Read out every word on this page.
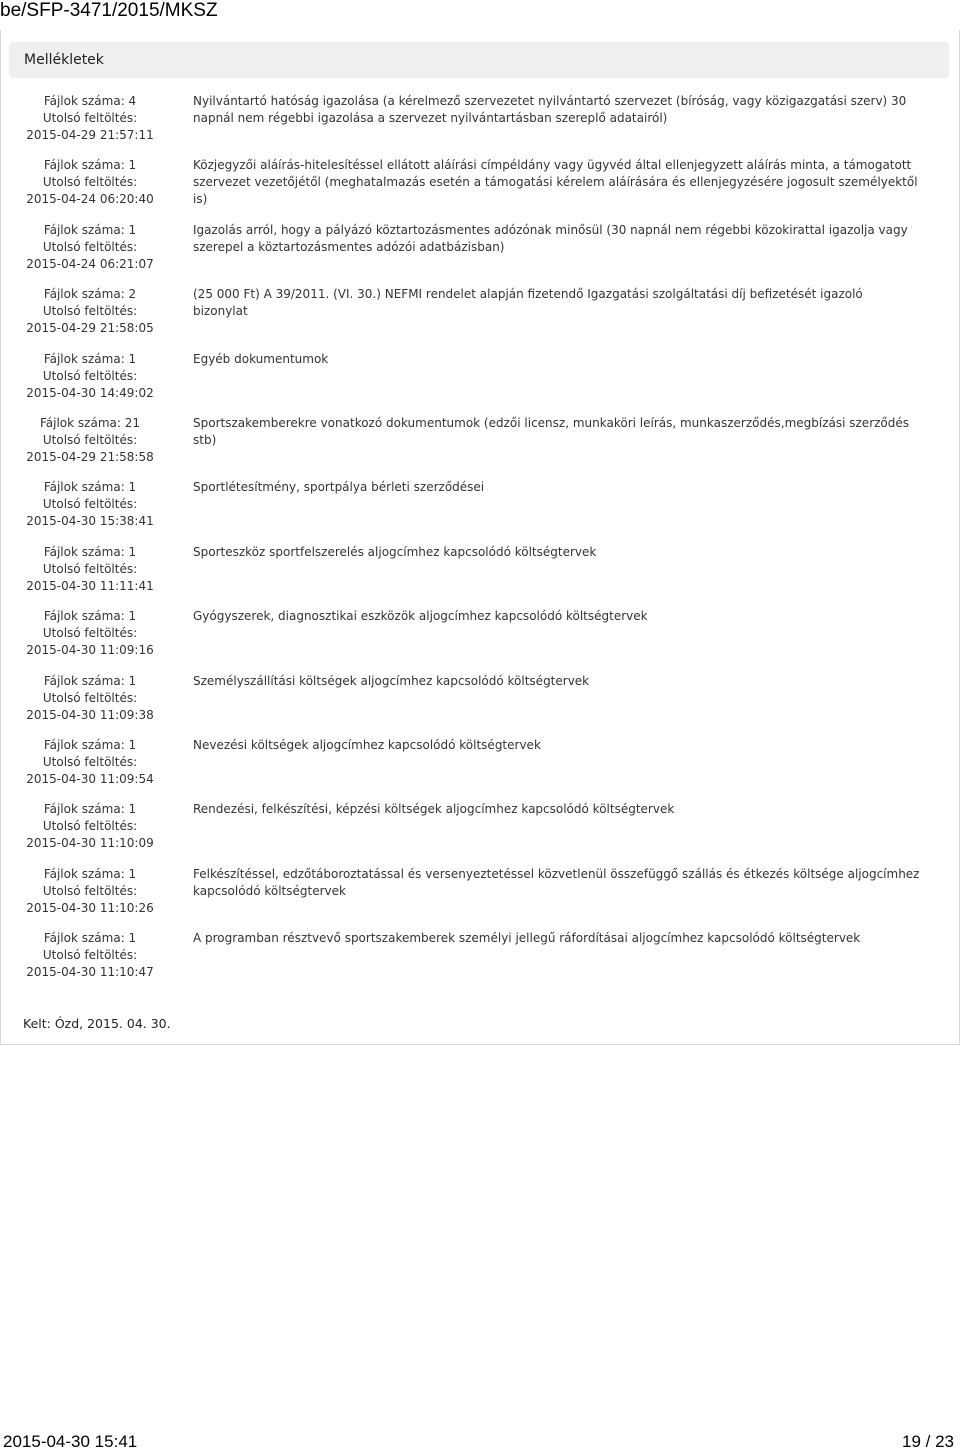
be/SFP-3471/2015/MKSZ
Mellékletek
Fájlok száma: 4
Utolsó feltöltés:
2015-04-29 21:57:11
Nyilvántartó hatóság igazolása (a kérelmező szervezetet nyilvántartó szervezet (bíróság, vagy közigazgatási szerv) 30 napnál nem régebbi igazolása a szervezet nyilvántartásban szereplő adatairól)
Fájlok száma: 1
Utolsó feltöltés:
2015-04-24 06:20:40
Közjegyzői aláírás-hitelesítéssel ellátott aláírási címpéldány vagy ügyvéd által ellenjegyzett aláírás minta, a támogatott szervezet vezetőjétől (meghatalmazás esetén a támogatási kérelem aláírására és ellenjegyzésére jogosult személyektől is)
Fájlok száma: 1
Utolsó feltöltés:
2015-04-24 06:21:07
Igazolás arról, hogy a pályázó köztartozásmentes adózónak minősül (30 napnál nem régebbi közokirattal igazolja vagy szerepel a köztartozásmentes adózói adatbázisban)
Fájlok száma: 2
Utolsó feltöltés:
2015-04-29 21:58:05
(25 000 Ft) A 39/2011. (VI. 30.) NEFMI rendelet alapján fizetendő Igazgatási szolgáltatási díj befizetését igazoló bizonylat
Fájlok száma: 1
Utolsó feltöltés:
2015-04-30 14:49:02
Egyéb dokumentumok
Fájlok száma: 21
Utolsó feltöltés:
2015-04-29 21:58:58
Sportszakemberekre vonatkozó dokumentumok (edzői licensz, munkaköri leírás, munkaszerződés,megbízási szerződés stb)
Fájlok száma: 1
Utolsó feltöltés:
2015-04-30 15:38:41
Sportlétesítmény, sportpálya bérleti szerződései
Fájlok száma: 1
Utolsó feltöltés:
2015-04-30 11:11:41
Sporteszköz sportfelszerelés aljogcímhez kapcsolódó költségtervek
Fájlok száma: 1
Utolsó feltöltés:
2015-04-30 11:09:16
Gyógyszerek, diagnosztikai eszközök aljogcímhez kapcsolódó költségtervek
Fájlok száma: 1
Utolsó feltöltés:
2015-04-30 11:09:38
Személyszállítási költségek aljogcímhez kapcsolódó költségtervek
Fájlok száma: 1
Utolsó feltöltés:
2015-04-30 11:09:54
Nevezési költségek aljogcímhez kapcsolódó költségtervek
Fájlok száma: 1
Utolsó feltöltés:
2015-04-30 11:10:09
Rendezési, felkészítési, képzési költségek aljogcímhez kapcsolódó költségtervek
Fájlok száma: 1
Utolsó feltöltés:
2015-04-30 11:10:26
Felkészítéssel, edzőtáboroztatással és versenyeztetéssel közvetlenül összefüggő szállás és étkezés költsége aljogcímhez kapcsolódó költségtervek
Fájlok száma: 1
Utolsó feltöltés:
2015-04-30 11:10:47
A programban résztvevő sportszakemberek személyi jellegű ráfordításai aljogcímhez kapcsolódó költségtervek
Kelt: Ózd, 2015. 04. 30.
2015-04-30 15:41	19 / 23
